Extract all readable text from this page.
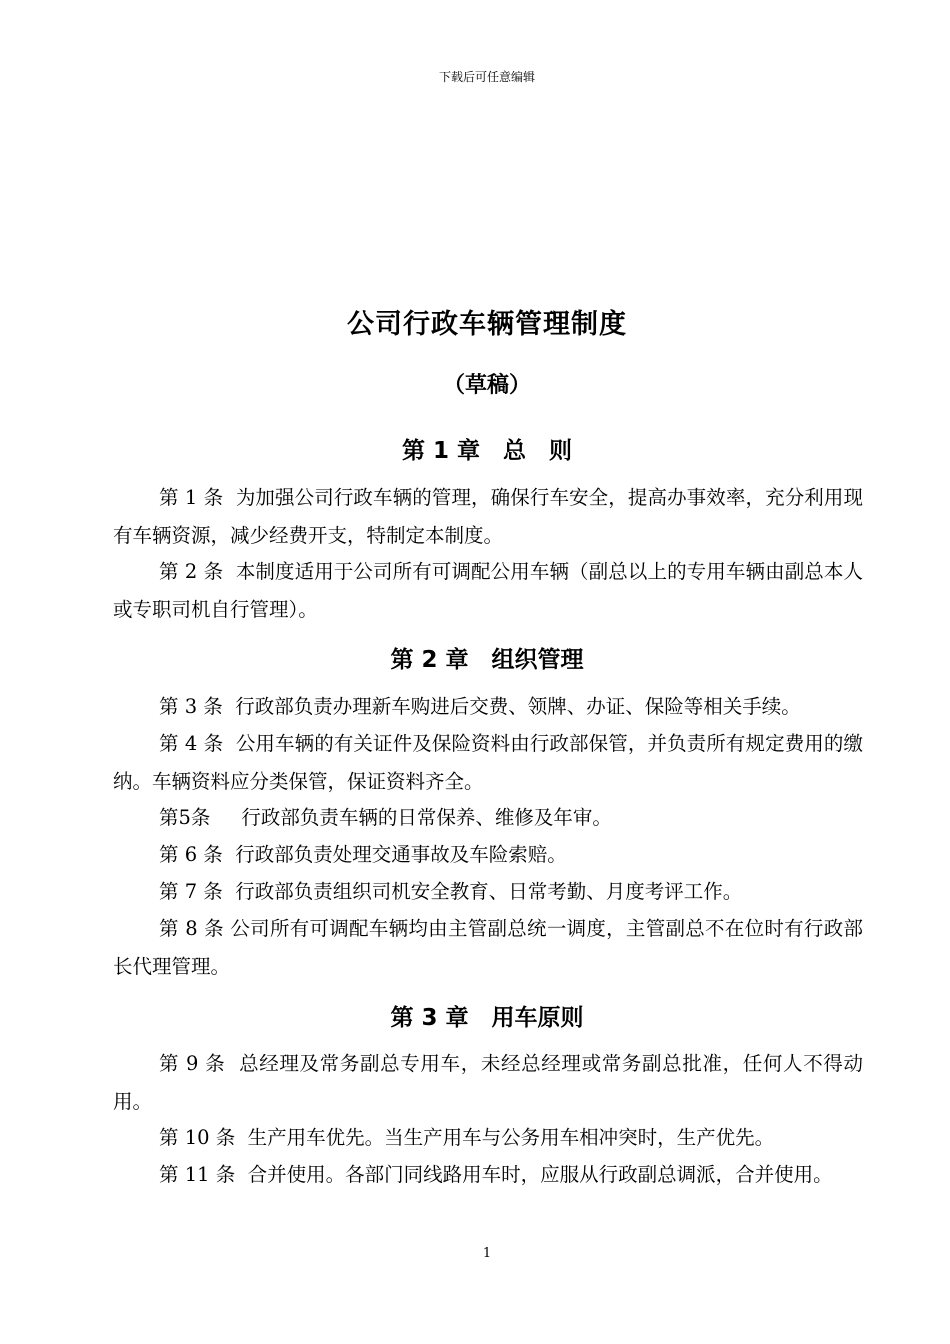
下载后可任意编辑
公司行政车辆管理制度
（草稿）
第 1 章　总　则
第 1 条  为加强公司行政车辆的管理，确保行车安全，提高办事效率，充分利用现有车辆资源，减少经费开支，特制定本制度。
第 2 条  本制度适用于公司所有可调配公用车辆（副总以上的专用车辆由副总本人或专职司机自行管理）。
第 2 章　组织管理
第 3 条  行政部负责办理新车购进后交费、领牌、办证、保险等相关手续。
第 4 条  公用车辆的有关证件及保险资料由行政部保管，并负责所有规定费用的缴纳。车辆资料应分类保管，保证资料齐全。
第5条     行政部负责车辆的日常保养、维修及年审。
第 6 条  行政部负责处理交通事故及车险索赔。
第 7 条  行政部负责组织司机安全教育、日常考勤、月度考评工作。
第 8 条 公司所有可调配车辆均由主管副总统一调度，主管副总不在位时有行政部长代理管理。
第 3 章　用车原则
第 9 条  总经理及常务副总专用车，未经总经理或常务副总批准，任何人不得动用。
第 10 条  生产用车优先。当生产用车与公务用车相冲突时，生产优先。
第 11 条  合并使用。各部门同线路用车时，应服从行政副总调派，合并使用。
1
